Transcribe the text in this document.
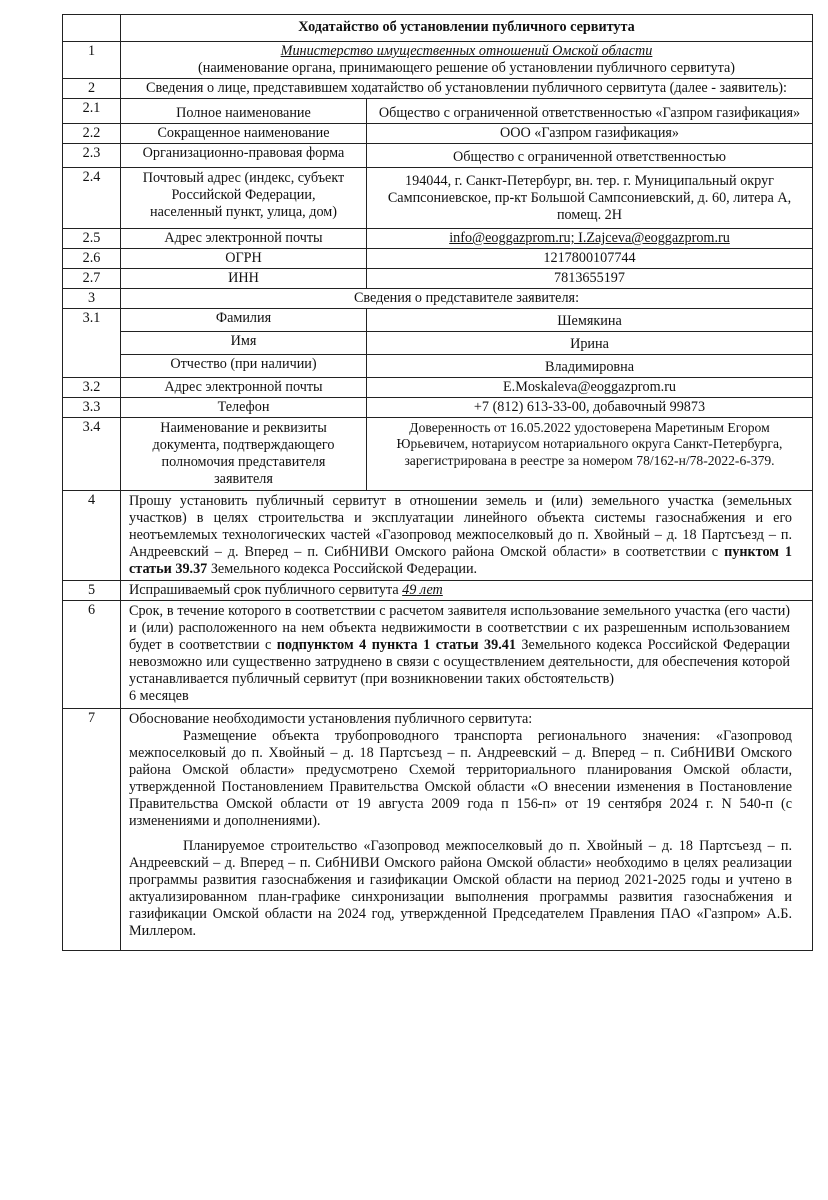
	Ходатайство об установлении публичного сервитута	
1	Министерство имущественных отношений Омской области
(наименование органа, принимающего решение об установлении публичного сервитута)	

2	Сведения о лице, представившем ходатайство об установлении публичного сервитута (далее - заявитель):	
2.1	Полное наименование	Общество с ограниченной ответственностью «Газпром газификация»
2.2	Сокращенное наименование	ООО «Газпром газификация»
2.3	Организационно-правовая форма	Общество с ограниченной ответственностью
2.4	Почтовый адрес (индекс, субъект Российской Федерации, населенный пункт, улица, дом)	194044, г. Санкт-Петербург, вн. тер. г. Муниципальный округ Сампсониевское, пр-кт Большой Сампсониевский, д. 60, литера А, помещ. 2Н
2.5	Адрес электронной почты	info@eoggazprom.ru; I.Zajceva@eoggazprom.ru
2.6	ОГРН	1217800107744
2.7	ИНН	7813655197
3	Сведения о представителе заявителя:	
3.1	Фамилия	Шемякина
	Имя	Ирина
	Отчество (при наличии)	Владимировна
3.2	Адрес электронной почты	E.Moskaleva@eoggazprom.ru
3.3	Телефон	+7 (812) 613-33-00, добавочный 99873
3.4	Наименование и реквизиты документа, подтверждающего полномочия представителя заявителя	Доверенность от 16.05.2022 удостоверена Маретиным Егором Юрьевичем, нотариусом нотариального округа Санкт-Петербурга, зарегистрирована в реестре за номером 78/162-н/78-2022-6-379.
4	Прошу установить публичный сервитут в отношении земель и (или) земельного участка (земельных участков) в целях строительства и эксплуатации линейного объекта системы газоснабжения и его неотъемлемых технологических частей «Газопровод межпоселковый до п. Хвойный – д. 18 Партсъезд – п. Андреевский – д. Вперед – п. СибНИВИ Омского района Омской области» в соответствии с пунктом 1 статьи 39.37 Земельного кодекса Российской Федерации.	
5	Испрашиваемый срок публичного сервитута 49 лет	
6	Срок, в течение которого в соответствии с расчетом заявителя использование земельного участка (его части) и (или) расположенного на нем объекта недвижимости в соответствии с их разрешенным использованием будет в соответствии с подпунктом 4 пункта 1 статьи 39.41 Земельного кодекса Российской Федерации невозможно или существенно затруднено в связи с осуществлением деятельности, для обеспечения которой устанавливается публичный сервитут (при возникновении таких обстоятельств)
6 месяцев	

7	Обоснование необходимости установления публичного сервитута:

Размещение объекта трубопроводного транспорта регионального значения: «Газопровод межпоселковый до п. Хвойный – д. 18 Партсъезд – п. Андреевский – д. Вперед – п. СибНИВИ Омского района Омской области» предусмотрено Схемой территориального планирования Омской области, утвержденной Постановлением Правительства Омской области «О внесении изменения в Постановление Правительства Омской области от 19 августа 2009 года п 156-п» от 19 сентября 2024 г. N 540-п (с изменениями и дополнениями).

Планируемое строительство «Газопровод межпоселковый до п. Хвойный – д. 18 Партсъезд – п. Андреевский – д. Вперед – п. СибНИВИ Омского района Омской области» необходимо в целях реализации программы развития газоснабжения и газификации Омской области на период 2021-2025 годы и учтено в актуализированном план-графике синхронизации выполнения программы развития газоснабжения и газификации Омской области на 2024 год, утвержденной Председателем Правления ПАО «Газпром» А.Б. Миллером.	
